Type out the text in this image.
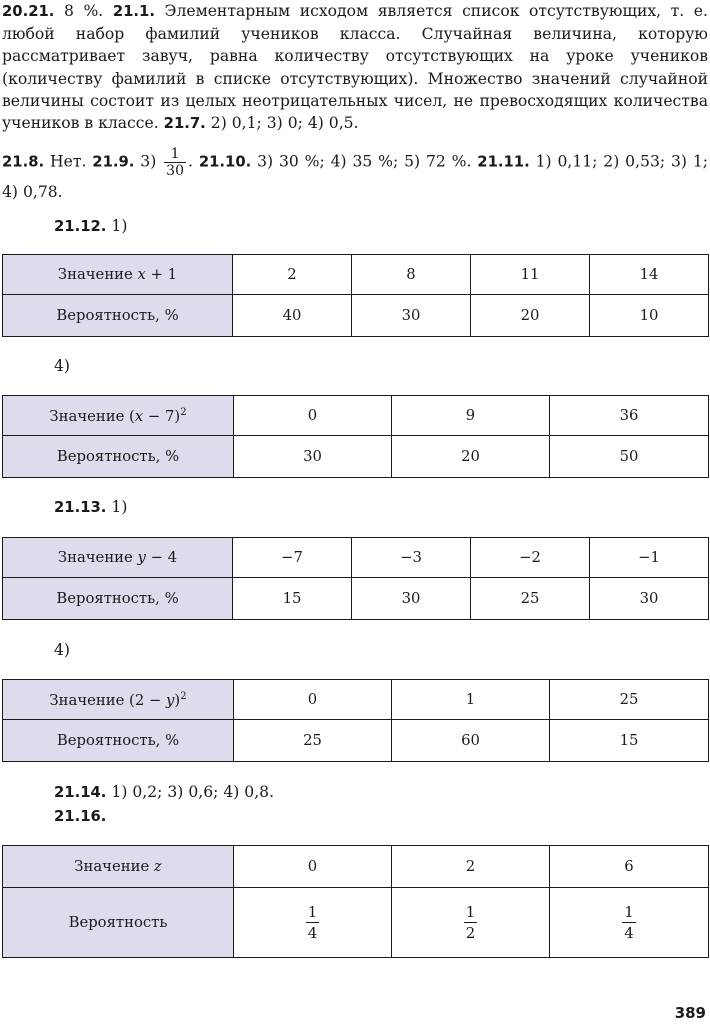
20.21. 8 %. 21.1. Элементарным исходом является список отсутствующих, т. е. любой набор фамилий учеников класса. Случайная величина, которую рассматривает завуч, равна количеству отсутствующих на уроке учеников (количеству фамилий в списке отсутствующих). Множество значений случайной величины состоит из целых неотрицательных чисел, не превосходящих количества учеников в классе. 21.7. 2) 0,1; 3) 0; 4) 0,5.

21.8. Нет. 21.9. $3) \frac{1}{30}$ . 21.10. 3) 30 %; 4) 35 %; 5) 72 %. 21.11. 1) 0,11; 2) 0,53; 3) 1; 4) 0,78.

21.12. 1)

Значение x + 1	2	8	11	14
Вероятность, %	40	30	20	10

4)

Значение $(x - 7)^2$	0	9	36
Вероятность, %	30	20	50

21.13. 1)

Значение y − 4	−7	−3	−2	−1
Вероятность, %	15	30	25	30

4)

Значение $(2 - y)^2$	0	1	25
Вероятность, %	25	60	15

21.14. 1) 0,2; 3) 0,6; 4) 0,8.

21.16.

Значение z	0	2	6
Вероятность	$\frac{1}{4}$	$\frac{1}{2}$	$\frac{1}{4}$
389
